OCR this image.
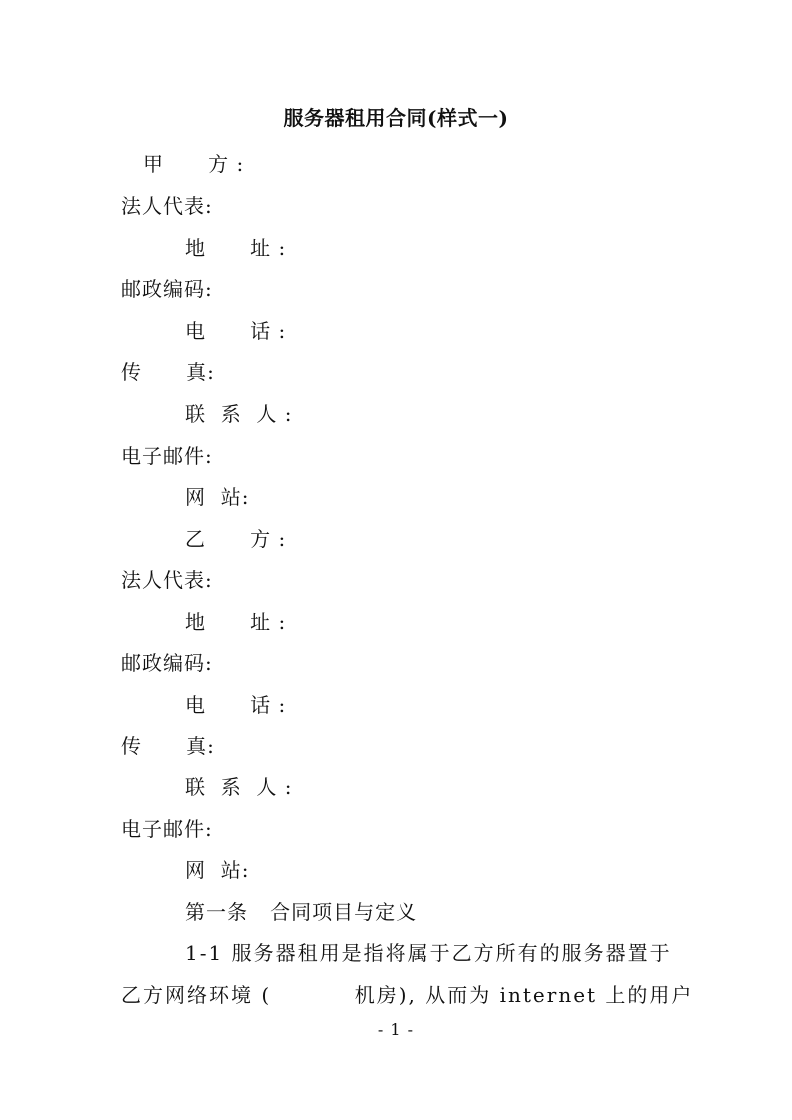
服务器租用合同(样式一)
甲      方 :
法人代表:
地      址 :
邮政编码:
电      话 :
传      真:
联  系  人 :
电子邮件:
网  站:
乙      方 :
法人代表:
地      址 :
邮政编码:
电      话 :
传      真:
联  系  人 :
电子邮件:
网  站:
第一条   合同项目与定义
1-1 服务器租用是指将属于乙方所有的服务器置于
乙方网络环境 (          机房), 从而为 internet 上的用户
- 1 -
